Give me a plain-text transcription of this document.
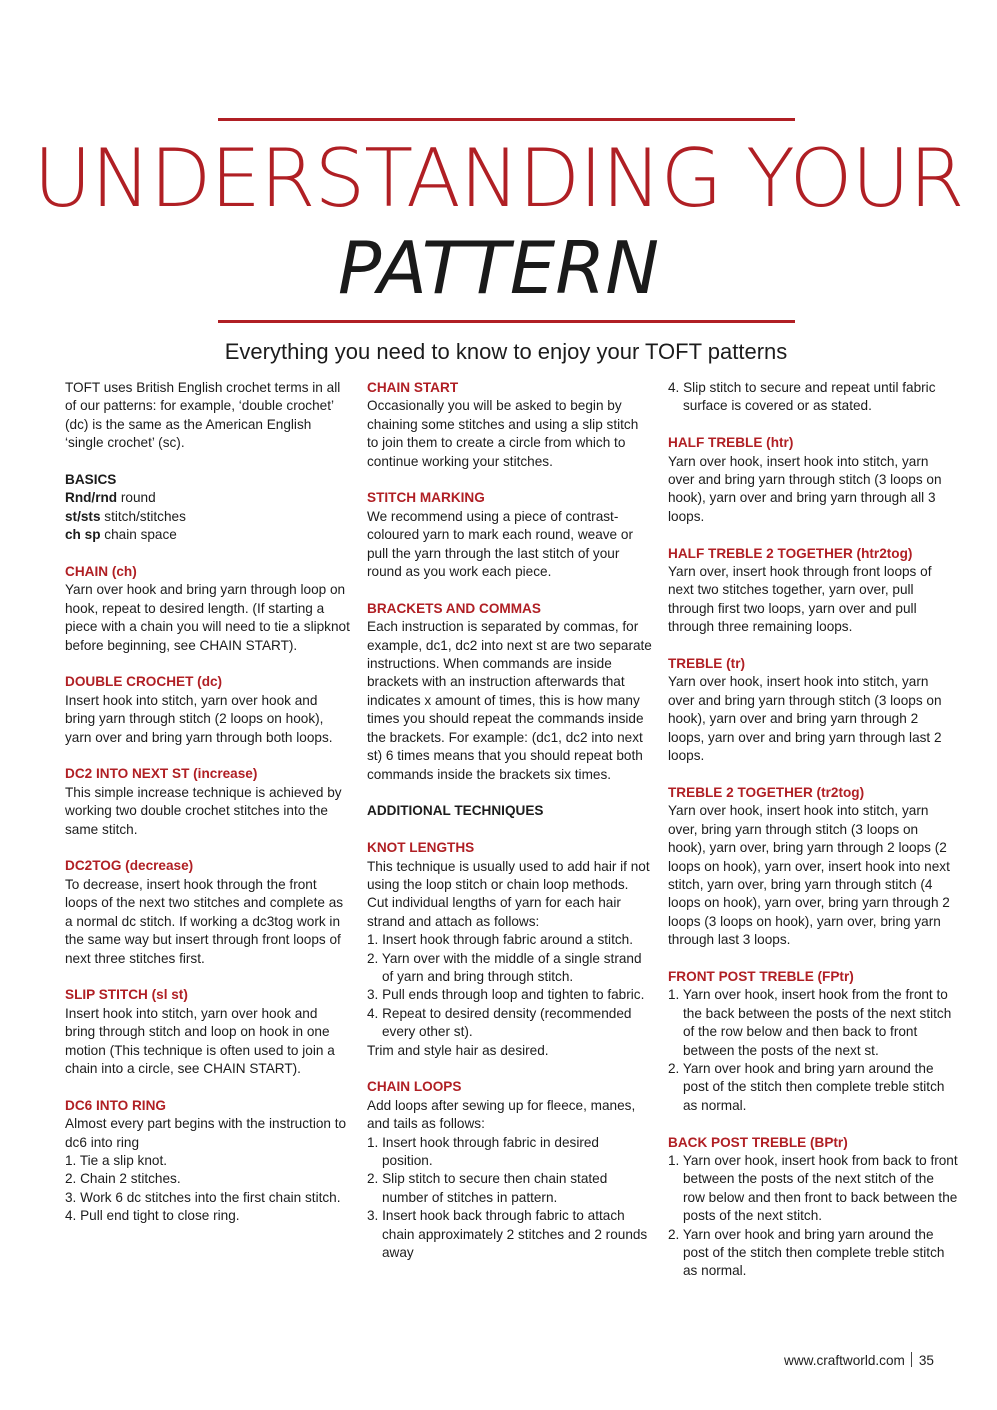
UNDERSTANDING YOUR
PATTERN
Everything you need to know to enjoy your TOFT patterns

TOFT uses British English crochet terms in all of our patterns: for example, ‘double crochet’ (dc) is the same as the American English ‘single crochet’ (sc).

BASICS
Rnd/rnd round
st/sts stitch/stitches
ch sp chain space
CHAIN (ch)

Yarn over hook and bring yarn through loop on hook, repeat to desired length. (If starting a piece with a chain you will need to tie a slipknot before beginning, see CHAIN START).

DOUBLE CROCHET (dc)

Insert hook into stitch, yarn over hook and bring yarn through stitch (2 loops on hook), yarn over and bring yarn through both loops.

DC2 INTO NEXT ST (increase)

This simple increase technique is achieved by working two double crochet stitches into the same stitch.

DC2TOG (decrease)

To decrease, insert hook through the front loops of the next two stitches and complete as a normal dc stitch. If working a dc3tog work in the same way but insert through front loops of next three stitches first.

SLIP STITCH (sl st)

Insert hook into stitch, yarn over hook and bring through stitch and loop on hook in one motion (This technique is often used to join a chain into a circle, see CHAIN START).

DC6 INTO RING

Almost every part begins with the instruction to dc6 into ring

1. Tie a slip knot.
2. Chain 2 stitches.
3. Work 6 dc stitches into the first chain stitch.
4. Pull end tight to close ring.
CHAIN START

Occasionally you will be asked to begin by chaining some stitches and using a slip stitch to join them to create a circle from which to continue working your stitches.

STITCH MARKING

We recommend using a piece of contrast-coloured yarn to mark each round, weave or pull the yarn through the last stitch of your round as you work each piece.

BRACKETS AND COMMAS

Each instruction is separated by commas, for example, dc1, dc2 into next st are two separate instructions. When commands are inside brackets with an instruction afterwards that indicates x amount of times, this is how many times you should repeat the commands inside the brackets. For example: (dc1, dc2 into next st) 6 times means that you should repeat both commands inside the brackets six times.

ADDITIONAL TECHNIQUES
KNOT LENGTHS

This technique is usually used to add hair if not using the loop stitch or chain loop methods.

Cut individual lengths of yarn for each hair strand and attach as follows:

1. Insert hook through fabric around a stitch.
2. Yarn over with the middle of a single strand of yarn and bring through stitch.
3. Pull ends through loop and tighten to fabric.
4. Repeat to desired density (recommended every other st).

Trim and style hair as desired.

CHAIN LOOPS

Add loops after sewing up for fleece, manes, and tails as follows:

1. Insert hook through fabric in desired position.
2. Slip stitch to secure then chain stated number of stitches in pattern.
3. Insert hook back through fabric to attach chain approximately 2 stitches and 2 rounds away
4. Slip stitch to secure and repeat until fabric surface is covered or as stated.
HALF TREBLE (htr)

Yarn over hook, insert hook into stitch, yarn over and bring yarn through stitch (3 loops on hook), yarn over and bring yarn through all 3 loops.

HALF TREBLE 2 TOGETHER (htr2tog)

Yarn over, insert hook through front loops of next two stitches together, yarn over, pull through first two loops, yarn over and pull through three remaining loops.

TREBLE (tr)

Yarn over hook, insert hook into stitch, yarn over and bring yarn through stitch (3 loops on hook), yarn over and bring yarn through 2 loops, yarn over and bring yarn through last 2 loops.

TREBLE 2 TOGETHER (tr2tog)

Yarn over hook, insert hook into stitch, yarn over, bring yarn through stitch (3 loops on hook), yarn over, bring yarn through 2 loops (2 loops on hook), yarn over, insert hook into next stitch, yarn over, bring yarn through stitch (4 loops on hook), yarn over, bring yarn through 2 loops (3 loops on hook), yarn over, bring yarn through last 3 loops.

FRONT POST TREBLE (FPtr)
1. Yarn over hook, insert hook from the front to the back between the posts of the next stitch of the row below and then back to front between the posts of the next st.
2. Yarn over hook and bring yarn around the post of the stitch then complete treble stitch as normal.
BACK POST TREBLE (BPtr)
1. Yarn over hook, insert hook from back to front between the posts of the next stitch of the row below and then front to back between the posts of the next stitch.
2. Yarn over hook and bring yarn around the post of the stitch then complete treble stitch as normal.
www.craftworld.com 35
